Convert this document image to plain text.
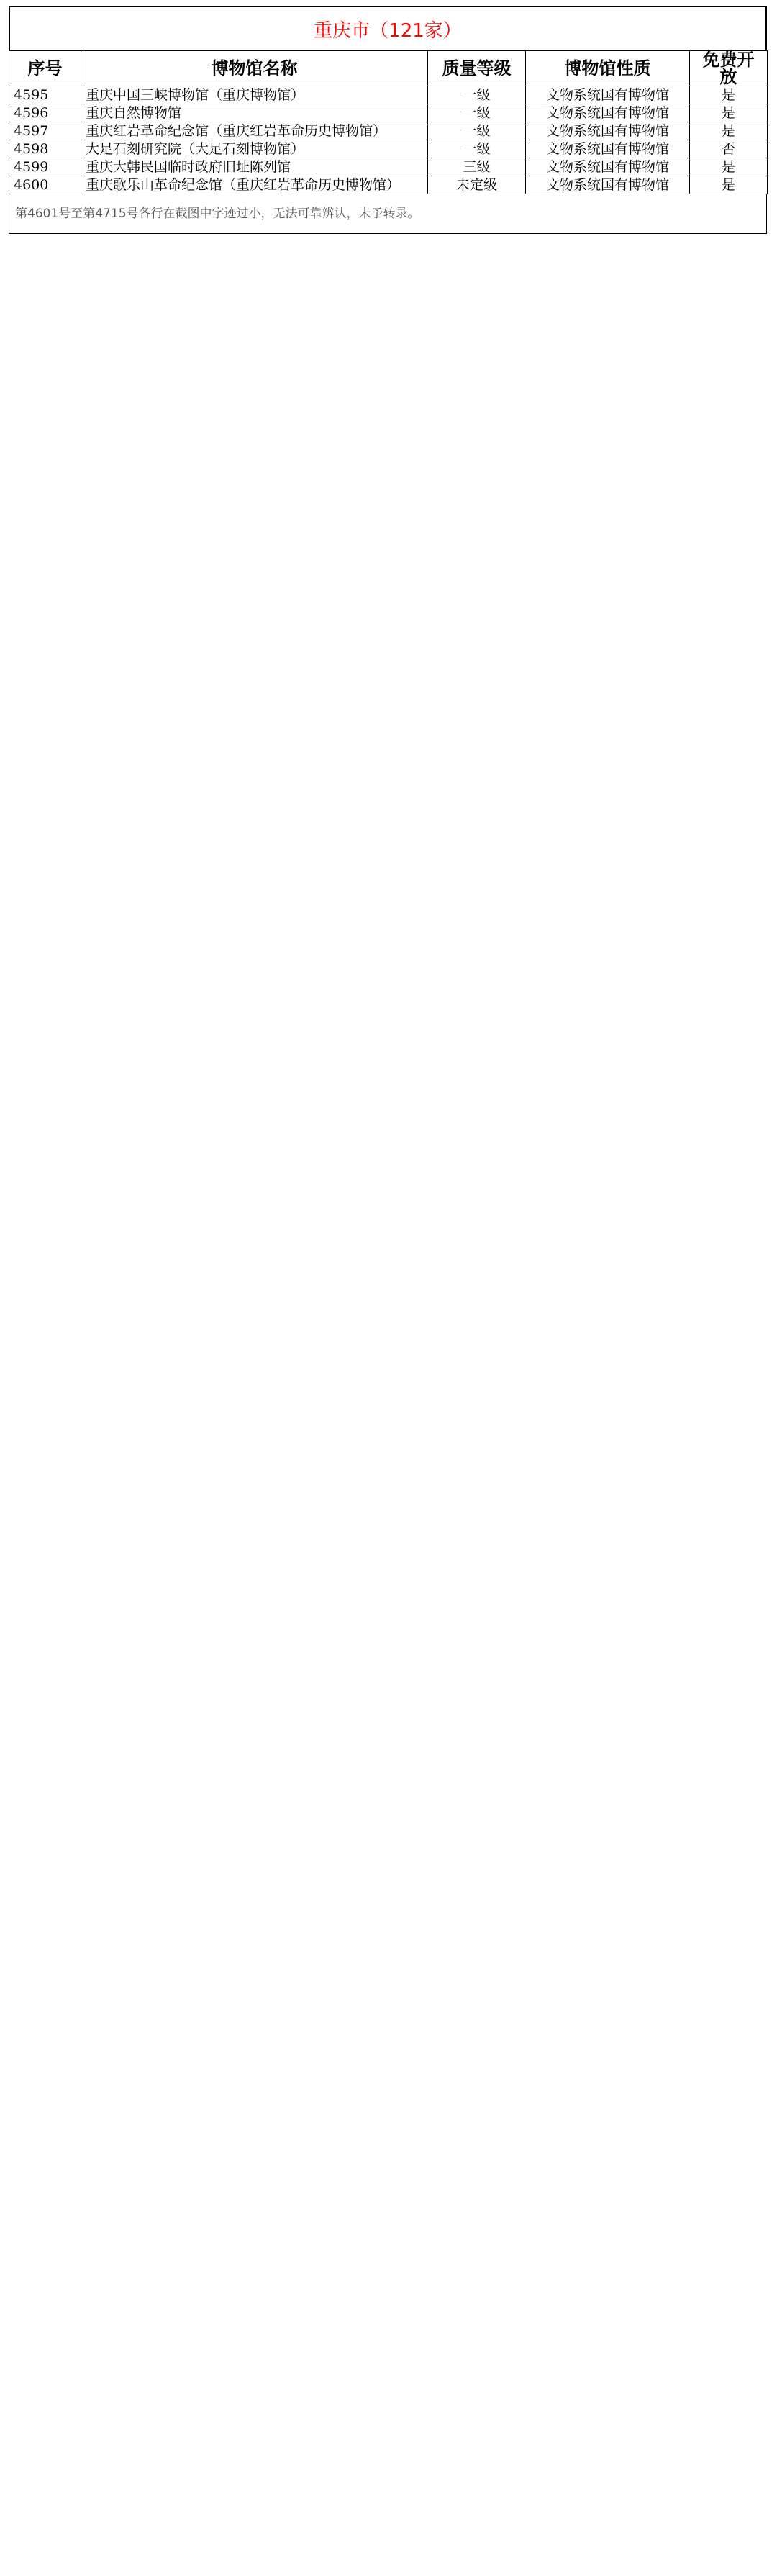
重庆市（121家）
序号	博物馆名称	质量等级	博物馆性质	免费开放
4595	重庆中国三峡博物馆（重庆博物馆）	一级	文物系统国有博物馆	是
4596	重庆自然博物馆	一级	文物系统国有博物馆	是
4597	重庆红岩革命纪念馆（重庆红岩革命历史博物馆）	一级	文物系统国有博物馆	是
4598	大足石刻研究院（大足石刻博物馆）	一级	文物系统国有博物馆	否
4599	重庆大韩民国临时政府旧址陈列馆	三级	文物系统国有博物馆	是
4600	重庆歌乐山革命纪念馆（重庆红岩革命历史博物馆）	未定级	文物系统国有博物馆	是
第4601号至第4715号各行在截图中字迹过小，无法可靠辨认，未予转录。
